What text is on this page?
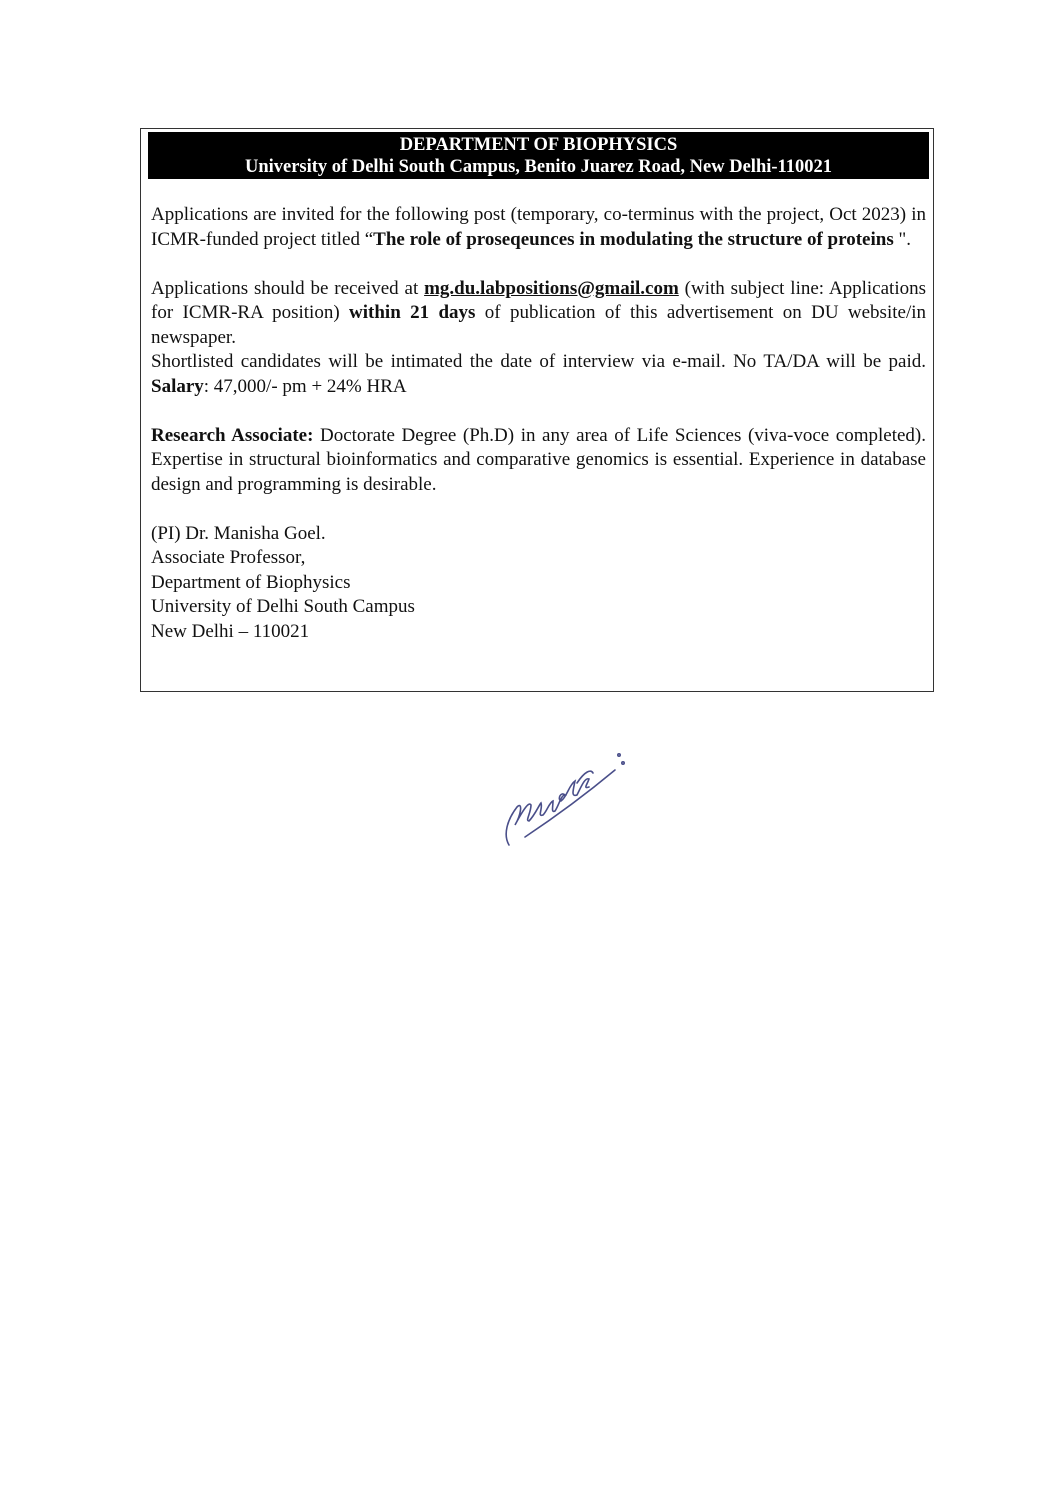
DEPARTMENT OF BIOPHYSICS
University of Delhi South Campus, Benito Juarez Road, New Delhi-110021

Applications are invited for the following post (temporary, co-terminus with the project, Oct 2023) in ICMR-funded project titled “The role of proseqeunces in modulating the structure of proteins ".

Applications should be received at mg.du.labpositions@gmail.com (with subject line: Applications for ICMR-RA position) within 21 days of publication of this advertisement on DU website/in newspaper.

Shortlisted candidates will be intimated the date of interview via e-mail. No TA/DA will be paid. Salary: 47,000/- pm + 24% HRA

Research Associate: Doctorate Degree (Ph.D) in any area of Life Sciences (viva-voce completed). Expertise in structural bioinformatics and comparative genomics is essential. Experience in database design and programming is desirable.

(PI) Dr. Manisha Goel.
Associate Professor,
Department of Biophysics
University of Delhi South Campus
New Delhi – 110021
